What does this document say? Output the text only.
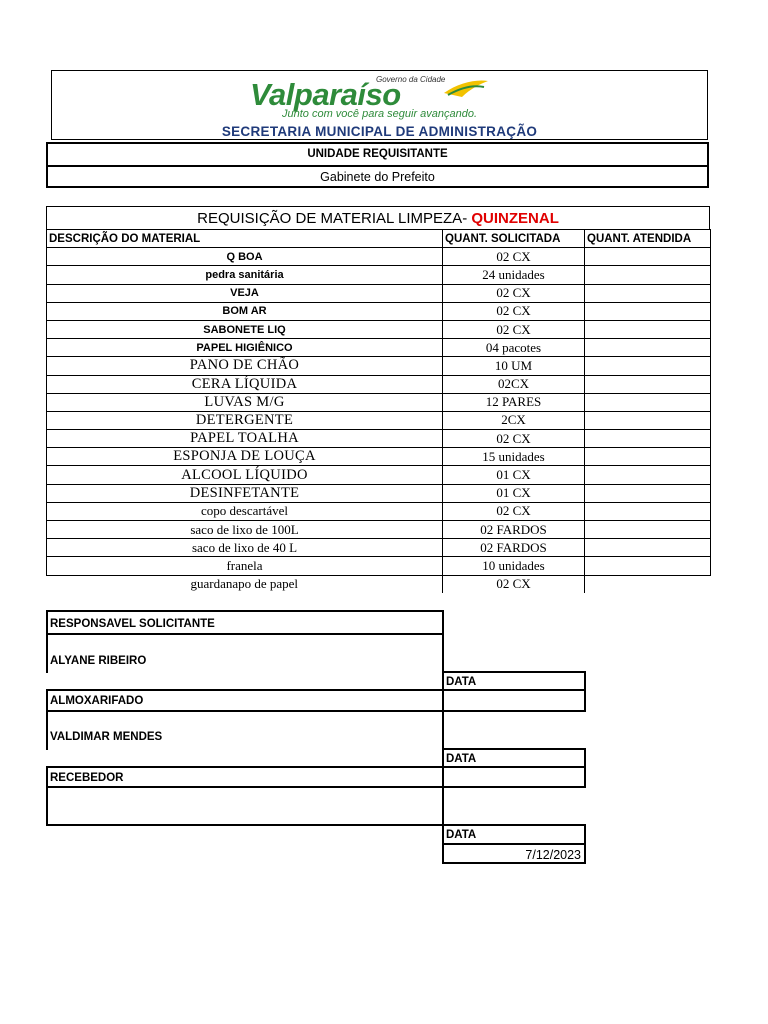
Governo da Cidade
Valparaíso
Junto com você para seguir avançando.
SECRETARIA MUNICIPAL DE ADMINISTRAÇÃO
UNIDADE REQUISITANTE
Gabinete do Prefeito
REQUISIÇÃO DE MATERIAL LIMPEZA- QUINZENAL
DESCRIÇÃO DO MATERIAL	QUANT. SOLICITADA	QUANT. ATENDIDA
Q BOA	02 CX	
pedra sanitária	24 unidades	
VEJA	02 CX	
BOM AR	02 CX	
SABONETE LIQ	02 CX	
PAPEL HIGIÊNICO	04 pacotes	
PANO DE CHÃO	10 UM	
CERA LÍQUIDA	02CX	
LUVAS M/G	12 PARES	
DETERGENTE	2CX	
PAPEL TOALHA	02 CX	
ESPONJA DE LOUÇA	15 unidades	
ALCOOL LÍQUIDO	01 CX	
DESINFETANTE	01 CX	
copo descartável	02 CX	
saco de lixo de 100L	02 FARDOS	
saco de lixo de 40 L	02 FARDOS	
franela	10 unidades	
guardanapo de papel	02 CX	
RESPONSAVEL SOLICITANTE
ALYANE RIBEIRO
DATA
ALMOXARIFADO
VALDIMAR MENDES
DATA
RECEBEDOR
DATA
7/12/2023
